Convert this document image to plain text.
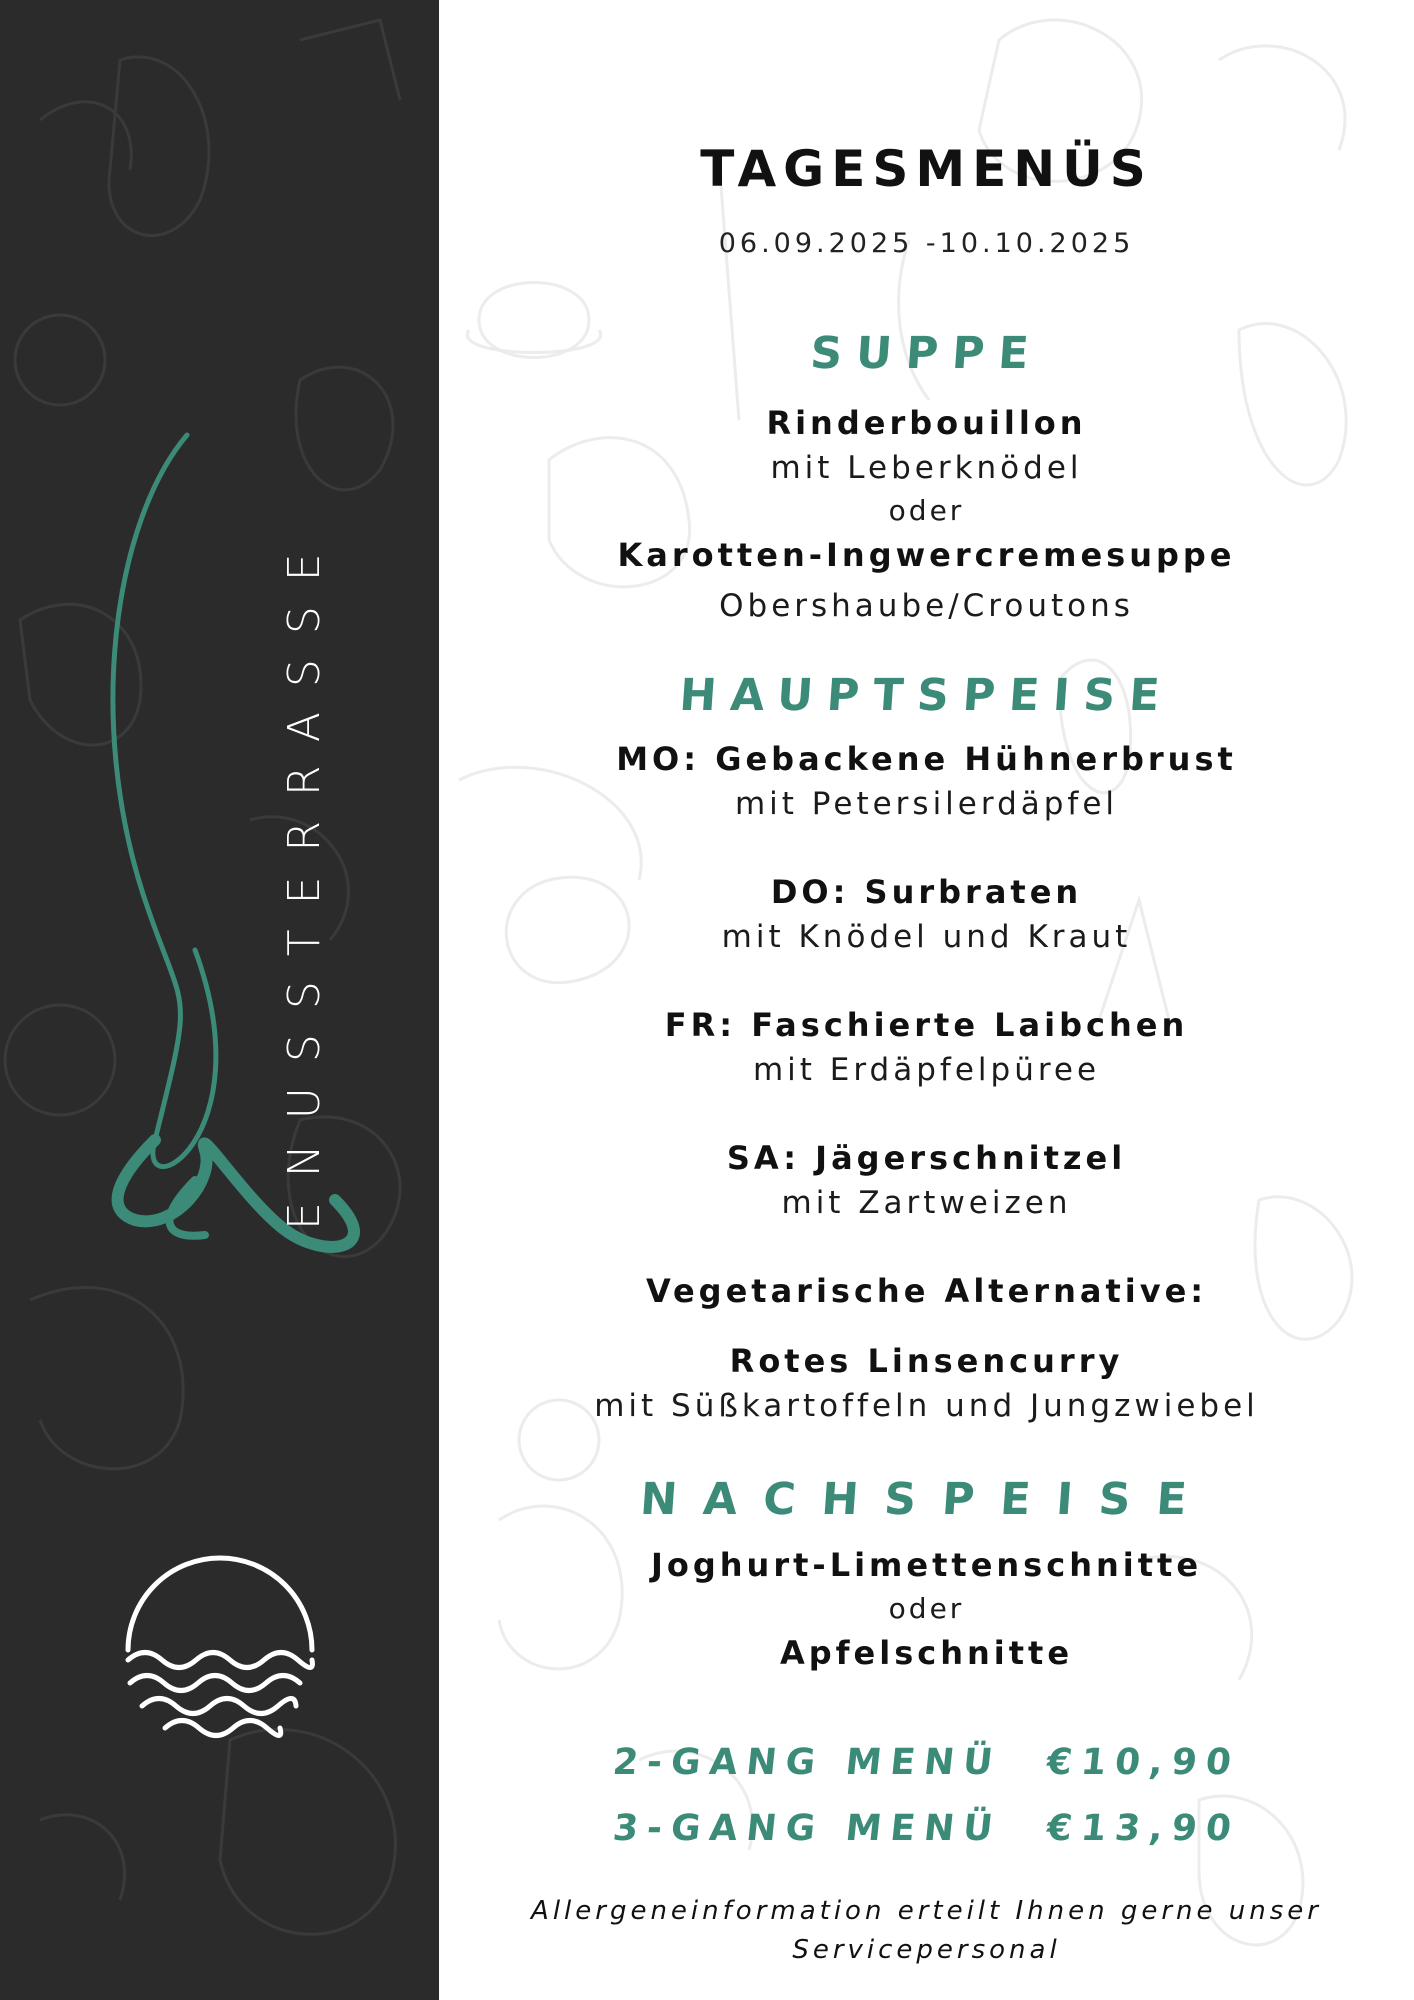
ENUSSTERRASSE
TAGESMENÜS
06.09.2025 -10.10.2025
SUPPE
Rinderbouillon
mit Leberknödel
oder
Karotten-Ingwercremesuppe
Obershaube/Croutons
HAUPTSPEISE
MO: Gebackene Hühnerbrust
mit Petersilerdäpfel
DO: Surbraten
mit Knödel und Kraut
FR: Faschierte Laibchen
mit Erdäpfelpüree
SA: Jägerschnitzel
mit Zartweizen
Vegetarische Alternative:
Rotes Linsencurry
mit Süßkartoffeln und Jungzwiebel
NACHSPEISE
Joghurt-Limettenschnitte
oder
Apfelschnitte
2-GANG MENÜ €10,90
3-GANG MENÜ €13,90
Allergeneinformation erteilt Ihnen gerne unser Servicepersonal
